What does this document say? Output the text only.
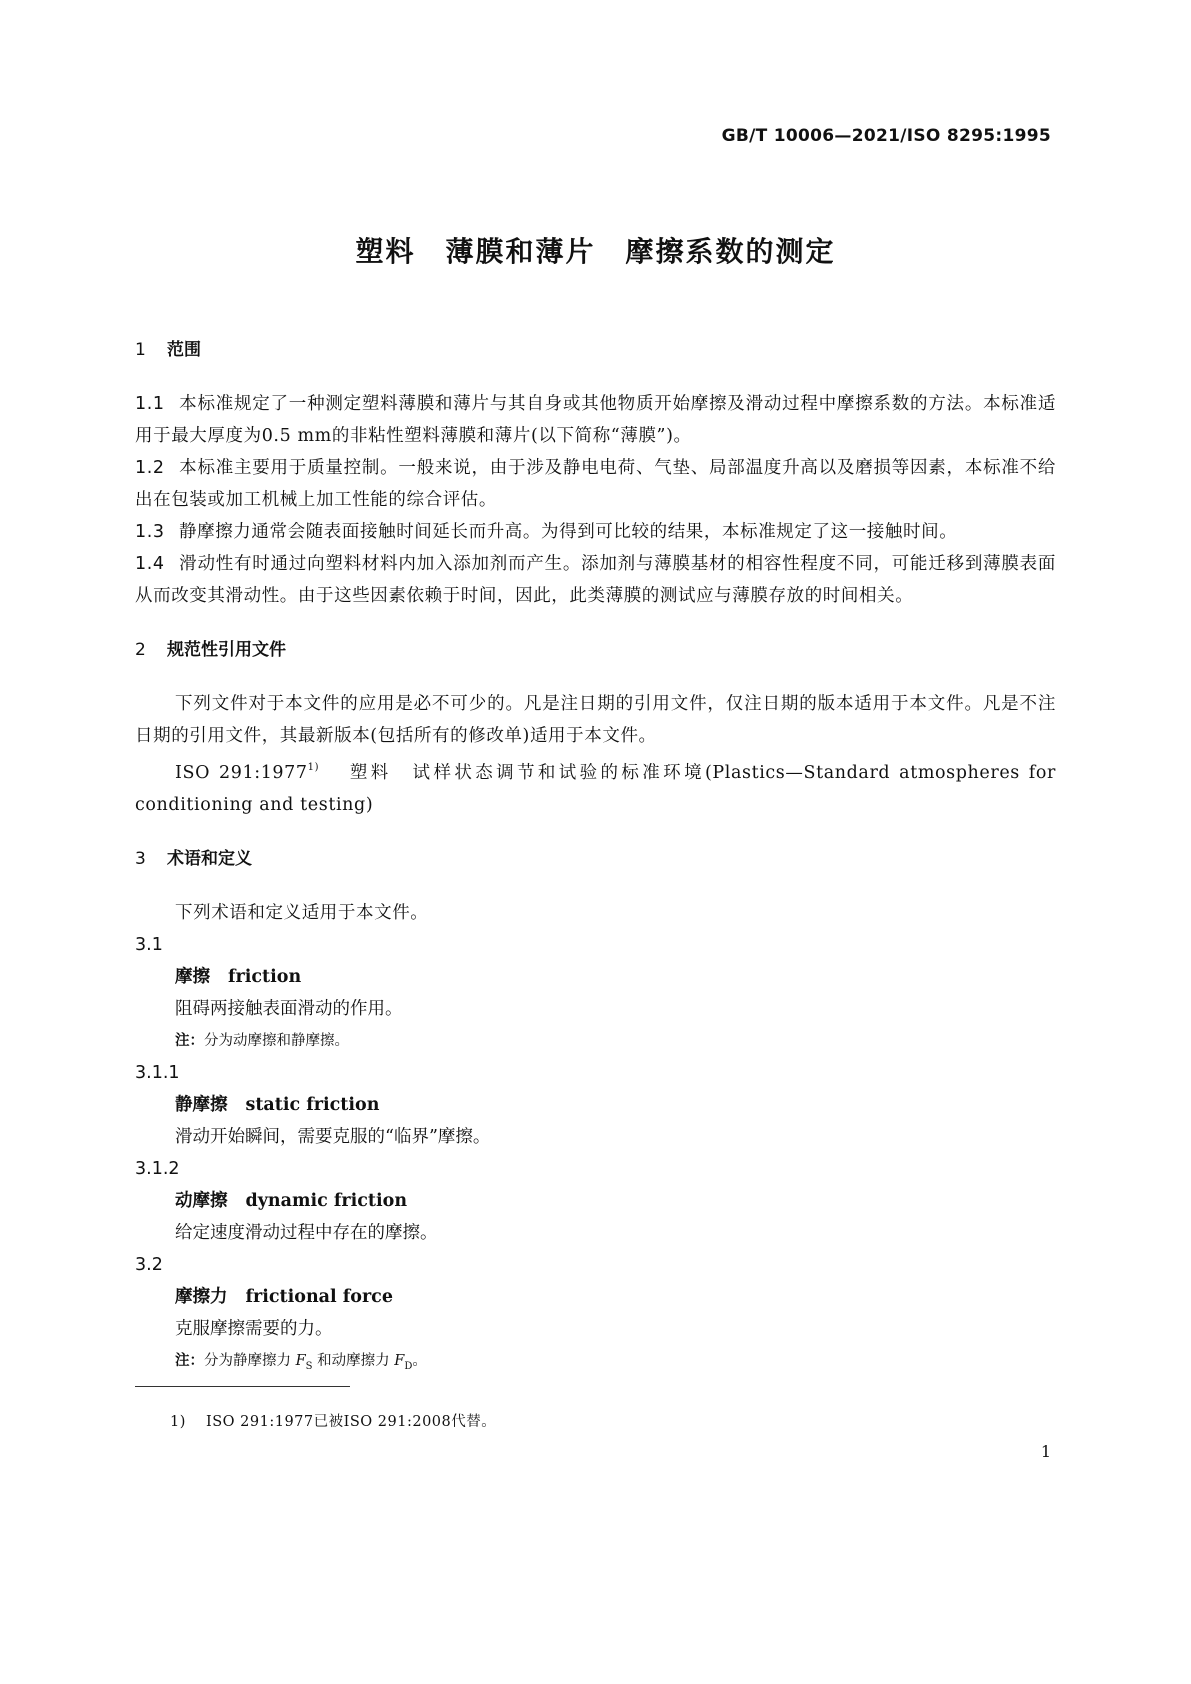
GB/T 10006—2021/ISO 8295:1995
塑料　薄膜和薄片　摩擦系数的测定

1 范围

1.1 本标准规定了一种测定塑料薄膜和薄片与其自身或其他物质开始摩擦及滑动过程中摩擦系数的方法。本标准适用于最大厚度为0.5 mm的非粘性塑料薄膜和薄片(以下简称“薄膜”)。

1.2 本标准主要用于质量控制。一般来说，由于涉及静电电荷、气垫、局部温度升高以及磨损等因素，本标准不给出在包装或加工机械上加工性能的综合评估。

1.3 静摩擦力通常会随表面接触时间延长而升高。为得到可比较的结果，本标准规定了这一接触时间。

1.4 滑动性有时通过向塑料材料内加入添加剂而产生。添加剂与薄膜基材的相容性程度不同，可能迁移到薄膜表面从而改变其滑动性。由于这些因素依赖于时间，因此，此类薄膜的测试应与薄膜存放的时间相关。

2 规范性引用文件

下列文件对于本文件的应用是必不可少的。凡是注日期的引用文件，仅注日期的版本适用于本文件。凡是不注日期的引用文件，其最新版本(包括所有的修改单)适用于本文件。

ISO 291:1977$^{1)}$ 塑料　试样状态调节和试验的标准环境(Plastics—Standard atmospheres for conditioning and testing)

3 术语和定义

下列术语和定义适用于本文件。

3.1

摩擦 friction

阻碍两接触表面滑动的作用。

注：分为动摩擦和静摩擦。

3.1.1

静摩擦 static friction

滑动开始瞬间，需要克服的“临界”摩擦。

3.1.2

动摩擦 dynamic friction

给定速度滑动过程中存在的摩擦。

3.2

摩擦力 frictional force

克服摩擦需要的力。

注：分为静摩擦力 $F_S$ 和动摩擦力 $F_D$。

1) ISO 291:1977已被ISO 291:2008代替。
1
